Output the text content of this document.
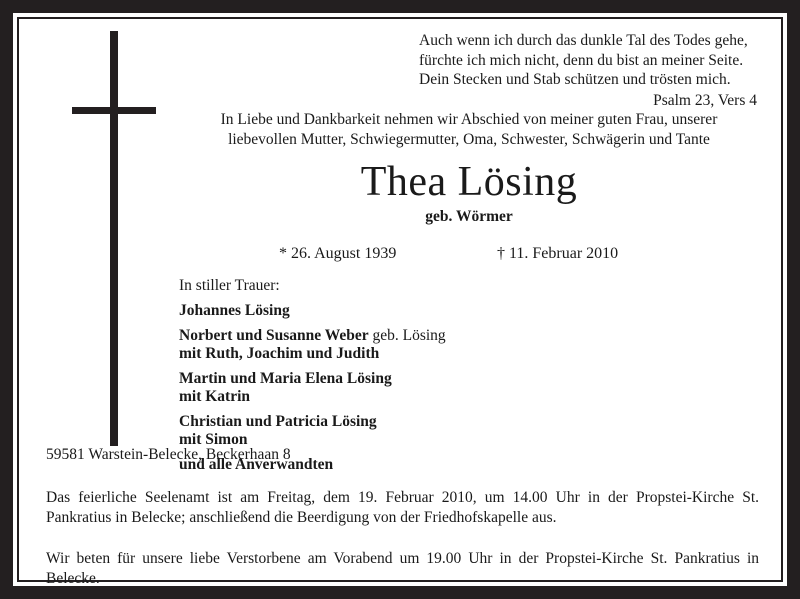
Auch wenn ich durch das dunkle Tal des Todes gehe,
fürchte ich mich nicht, denn du bist an meiner Seite.
Dein Stecken und Stab schützen und trösten mich.
Psalm 23, Vers 4
In Liebe und Dankbarkeit nehmen wir Abschied von meiner guten Frau, unserer
liebevollen Mutter, Schwiegermutter, Oma, Schwester, Schwägerin und Tante
Thea Lösing
geb. Wörmer
* 26. August 1939	† 11. Februar 2010
In stiller Trauer:
Johannes Lösing
Norbert und Susanne Weber geb. Lösing
mit Ruth, Joachim und Judith
Martin und Maria Elena Lösing
mit Katrin
Christian und Patricia Lösing
mit Simon
und alle Anverwandten
59581 Warstein-Belecke, Beckerhaan 8

Das feierliche Seelenamt ist am Freitag, dem 19. Februar 2010, um 14.00 Uhr in der Propstei-Kirche St. Pankratius in Belecke; anschließend die Beerdigung von der Friedhofskapelle aus.

Wir beten für unsere liebe Verstorbene am Vorabend um 19.00 Uhr in der Propstei-Kirche St. Pankratius in Belecke.
